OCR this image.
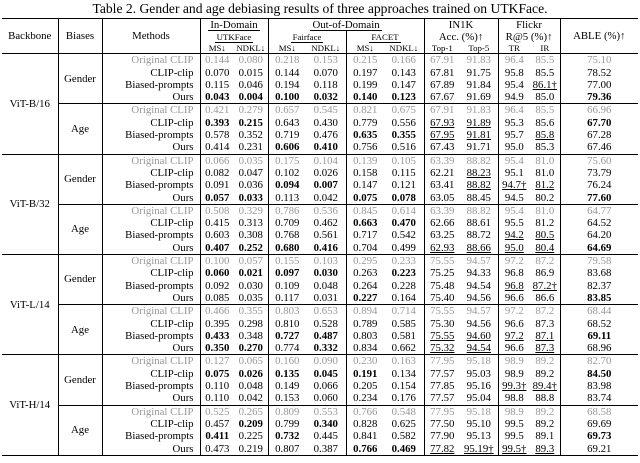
Table 2. Gender and age debiasing results of three approaches trained on UTKFace.
Backbone	Biases	Methods	In-Domain		Out-of-Domain				IN1K		Flickr		ABLE (%)↑
			UTKFace		Fairface		FACET		Acc. (%)↑		R@5 (%)↑		
			MS↓	NDKL↓	MS↓	NDKL↓	MS↓	NDKL↓	Top-1	Top-5	TR	IR	
ViT-B/16	Gender	Original CLIP	0.144	0.080	0.218	0.153	0.215	0.166	67.91	91.83	96.4	85.5	75.10
		CLIP-clip	0.070	0.015	0.144	0.070	0.197	0.143	67.81	91.75	95.8	85.5	78.52
		Biased-prompts	0.115	0.046	0.194	0.118	0.199	0.147	67.89	91.84	95.4	86.1†	77.00
		Ours	0.043	0.004	0.100	0.032	0.140	0.123	67.67	91.69	94.9	85.0	79.36
	Age	Original CLIP	0.421	0.279	0.657	0.545	0.821	0.675	67.91	91.83	96.4	85.5	66.96
		CLIP-clip	0.393	0.215	0.643	0.430	0.779	0.556	67.93	91.89	95.3	85.6	67.70
		Biased-prompts	0.578	0.352	0.719	0.476	0.635	0.355	67.95	91.81	95.7	85.8	67.28
		Ours	0.414	0.231	0.606	0.410	0.756	0.516	67.43	91.71	95.0	85.3	67.46
ViT-B/32	Gender	Original CLIP	0.066	0.035	0.175	0.104	0.139	0.105	63.39	88.82	95.4	81.0	75.60
		CLIP-clip	0.082	0.047	0.102	0.026	0.158	0.115	62.21	88.23	95.1	81.0	73.79
		Biased-prompts	0.091	0.036	0.094	0.007	0.147	0.121	63.41	88.82	94.7†	81.2	76.24
		Ours	0.057	0.033	0.113	0.042	0.075	0.078	63.05	88.45	94.5	80.2	77.60
	Age	Original CLIP	0.508	0.329	0.786	0.536	0.845	0.614	63.39	88.82	95.4	81.0	64.77
		CLIP-clip	0.415	0.313	0.709	0.462	0.663	0.470	62.66	88.61	95.5	81.2	64.52
		Biased-prompts	0.603	0.308	0.768	0.561	0.717	0.542	63.25	88.72	94.2	80.5	64.20
		Ours	0.407	0.252	0.680	0.416	0.704	0.499	62.93	88.66	95.0	80.4	64.69
ViT-L/14	Gender	Original CLIP	0.100	0.057	0.155	0.103	0.295	0.233	75.55	94.57	97.2	87.2	79.58
		CLIP-clip	0.060	0.021	0.097	0.030	0.263	0.223	75.25	94.33	96.8	86.9	83.68
		Biased-prompts	0.092	0.030	0.109	0.048	0.264	0.228	75.48	94.54	96.8	87.2†	82.37
		Ours	0.085	0.035	0.117	0.031	0.227	0.164	75.40	94.56	96.6	86.6	83.85
	Age	Original CLIP	0.466	0.355	0.803	0.653	0.894	0.714	75.55	94.57	97.2	87.2	68.44
		CLIP-clip	0.395	0.298	0.810	0.528	0.789	0.585	75.30	94.56	96.6	87.3	68.52
		Biased-prompts	0.433	0.348	0.727	0.487	0.803	0.581	75.55	94.60	97.2	87.1	69.11
		Ours	0.350	0.270	0.774	0.332	0.834	0.662	75.32	94.54	96.6	87.3	68.96
ViT-H/14	Gender	Original CLIP	0.127	0.065	0.160	0.090	0.230	0.163	77.95	95.18	98.9	89.2	82.70
		CLIP-clip	0.075	0.026	0.135	0.045	0.191	0.134	77.57	95.03	98.9	89.2	84.50
		Biased-prompts	0.110	0.048	0.149	0.066	0.205	0.154	77.85	95.16	99.3†	89.4†	83.98
		Ours	0.110	0.042	0.153	0.060	0.234	0.176	77.57	95.04	98.8	88.8	83.74
	Age	Original CLIP	0.525	0.265	0.809	0.553	0.766	0.548	77.95	95.18	98.9	89.2	68.58
		CLIP-clip	0.457	0.209	0.799	0.340	0.828	0.625	77.50	95.10	99.5	89.2	69.69
		Biased-prompts	0.411	0.225	0.732	0.445	0.841	0.582	77.90	95.13	99.5	89.1	69.73
		Ours	0.473	0.219	0.807	0.387	0.766	0.469	77.82	95.19†	99.5†	89.3	69.21
